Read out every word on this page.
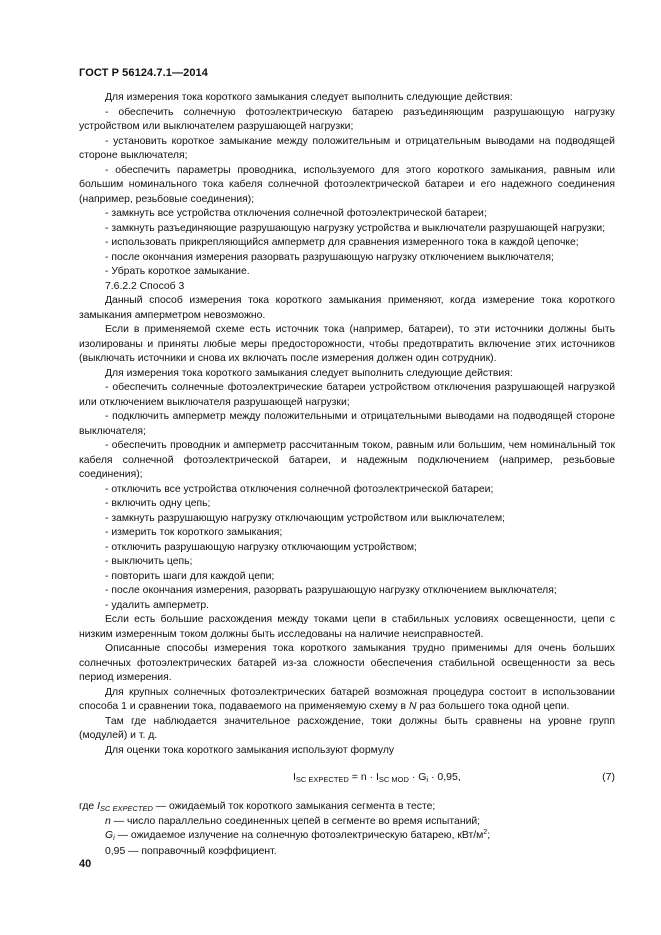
ГОСТ Р 56124.7.1—2014

Для измерения тока короткого замыкания следует выполнить следующие действия:

- обеспечить солнечную фотоэлектрическую батарею разъединяющим разрушающую нагрузку устройством или выключателем разрушающей нагрузки;

- установить короткое замыкание между положительным и отрицательным выводами на подводящей стороне выключателя;

- обеспечить параметры проводника, используемого для этого короткого замыкания, равным или большим номинального тока кабеля солнечной фотоэлектрической батареи и его надежного соединения (например, резьбовые соединения);

- замкнуть все устройства отключения солнечной фотоэлектрической батареи;

- замкнуть разъединяющие разрушающую нагрузку устройства и выключатели разрушающей нагрузки;

- использовать прикрепляющийся амперметр для сравнения измеренного тока в каждой цепочке;

- после окончания измерения разорвать разрушающую нагрузку отключением выключателя;

- Убрать короткое замыкание.

7.6.2.2 Способ 3

Данный способ измерения тока короткого замыкания применяют, когда измерение тока короткого замыкания амперметром невозможно.

Если в применяемой схеме есть источник тока (например, батареи), то эти источники должны быть изолированы и приняты любые меры предосторожности, чтобы предотвратить включение этих источников (выключать источники и снова их включать после измерения должен один сотрудник).

Для измерения тока короткого замыкания следует выполнить следующие действия:

- обеспечить солнечные фотоэлектрические батареи устройством отключения разрушающей нагрузкой или отключением выключателя разрушающей нагрузки;

- подключить амперметр между положительными и отрицательными выводами на подводящей стороне выключателя;

- обеспечить проводник и амперметр рассчитанным током, равным или большим, чем номинальный ток кабеля солнечной фотоэлектрической батареи, и надежным подключением (например, резьбовые соединения);

- отключить все устройства отключения солнечной фотоэлектрической батареи;

- включить одну цепь;

- замкнуть разрушающую нагрузку отключающим устройством или выключателем;

- измерить ток короткого замыкания;

- отключить разрушающую нагрузку отключающим устройством;

- выключить цепь;

- повторить шаги для каждой цепи;

- после окончания измерения, разорвать разрушающую нагрузку отключением выключателя;

- удалить амперметр.

Если есть большие расхождения между токами цепи в стабильных условиях освещенности, цепи с низким измеренным током должны быть исследованы на наличие неисправностей.

Описанные способы измерения тока короткого замыкания трудно применимы для очень больших солнечных фотоэлектрических батарей из-за сложности обеспечения стабильной освещенности за весь период измерения.

Для крупных солнечных фотоэлектрических батарей возможная процедура состоит в использовании способа 1 и сравнении тока, подаваемого на применяемую схему в N раз большего тока одной цепи.

Там где наблюдается значительное расхождение, токи должны быть сравнены на уровне групп (модулей) и т. д.

Для оценки тока короткого замыкания используют формулу

ISC EXPECTED = n · ISC MOD · Gi · 0,95,	(7)

где ISC EXPECTED — ожидаемый ток короткого замыкания сегмента в тесте;

n — число параллельно соединенных цепей в сегменте во время испытаний;

Gi — ожидаемое излучение на солнечную фотоэлектрическую батарею, кВт/$м^2$;

0,95 — поправочный коэффициент.

40
